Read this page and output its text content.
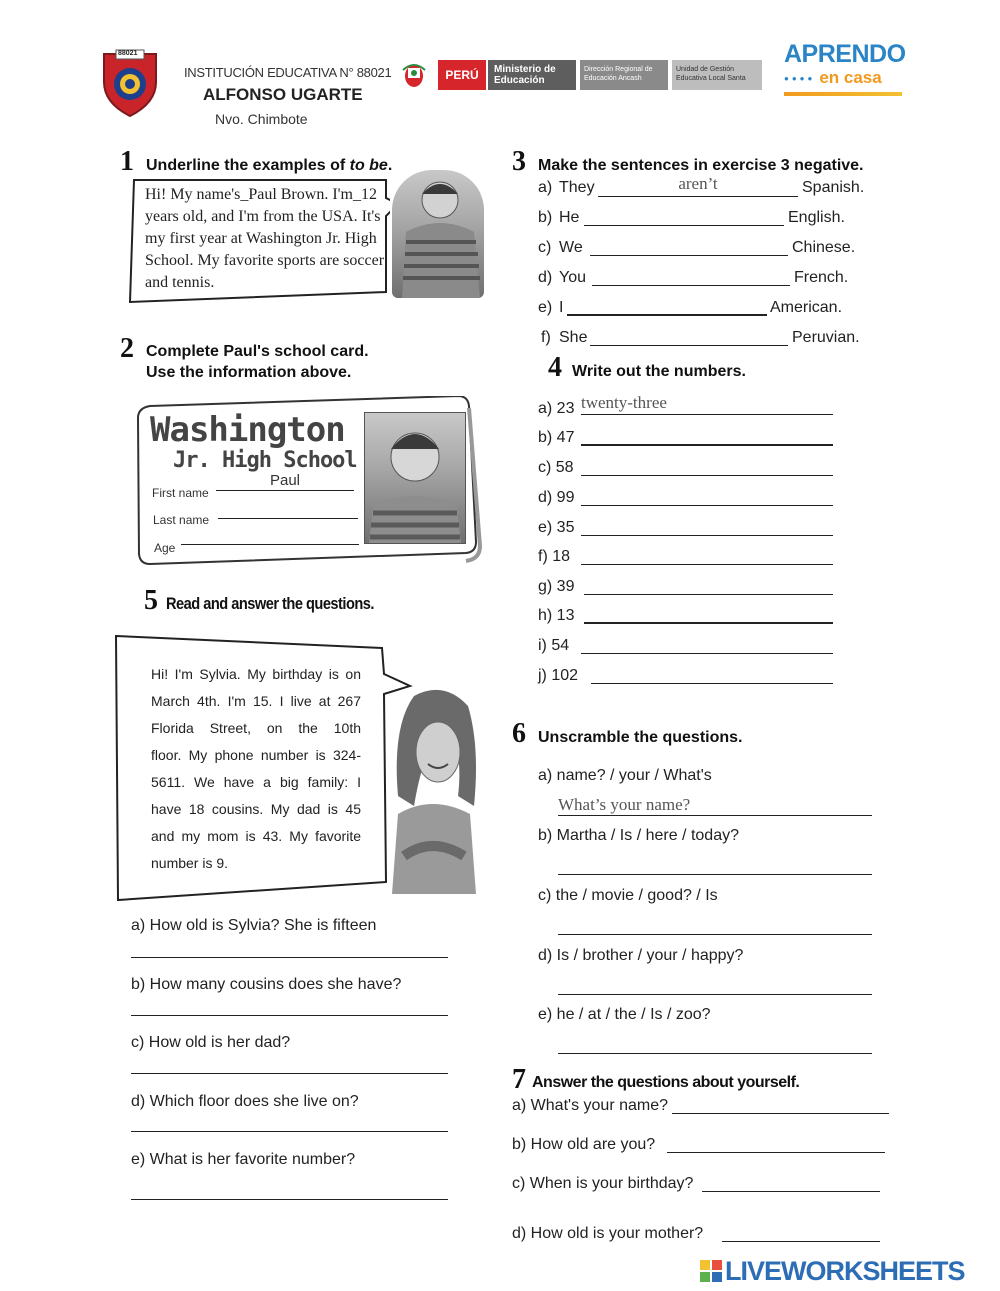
88021
INSTITUCIÓN EDUCATIVA N° 88021
ALFONSO UGARTE
Nvo. Chimbote
PERÚ	Ministerio de Educación
Dirección Regional de Educación Ancash
Unidad de Gestión Educativa Local Santa
APRENDO
●●●● en casa
1 Underline the examples of to be.
Hi! My name's_Paul Brown. I'm_12 years old, and I'm from the USA. It's my first year at Washington Jr. High School. My favorite sports are soccer and tennis.
2 Complete Paul's school card.
Use the information above.
Washington
Jr. High School
First name
Paul
Last name
Age
5 Read and answer the questions.
Hi! I'm Sylvia. My birthday is on
March 4th. I'm 15. I live at 267
Florida Street, on the 10th
floor. My phone number is 324-
5611. We have a big family: I
have 18 cousins. My dad is 45
and my mom is 43. My favorite
number is 9.
a) How old is Sylvia? She is fifteen
b) How many cousins does she have?
c) How old is her dad?
d) Which floor does she live on?
e) What is her favorite number?
3 Make the sentences in exercise 3 negative.
a) They	aren’t	Spanish.
b) He	English.
c) We	Chinese.
d) You	French.
e) I	American.
f) She	Peruvian.
4 Write out the numbers.
a) 23 twenty-three
b) 47
c) 58
d) 99
e) 35
f) 18
g) 39
h) 13
i) 54
j) 102
6 Unscramble the questions.
a) name? / your / What's
What’s your name?
b) Martha / Is / here / today?
c) the / movie / good? / Is
d) Is / brother / your / happy?
e) he / at / the / Is / zoo?
7 Answer the questions about yourself.
a) What's your name?
b) How old are you?
c) When is your birthday?
d) How old is your mother?
LIVEWORKSHEETS
